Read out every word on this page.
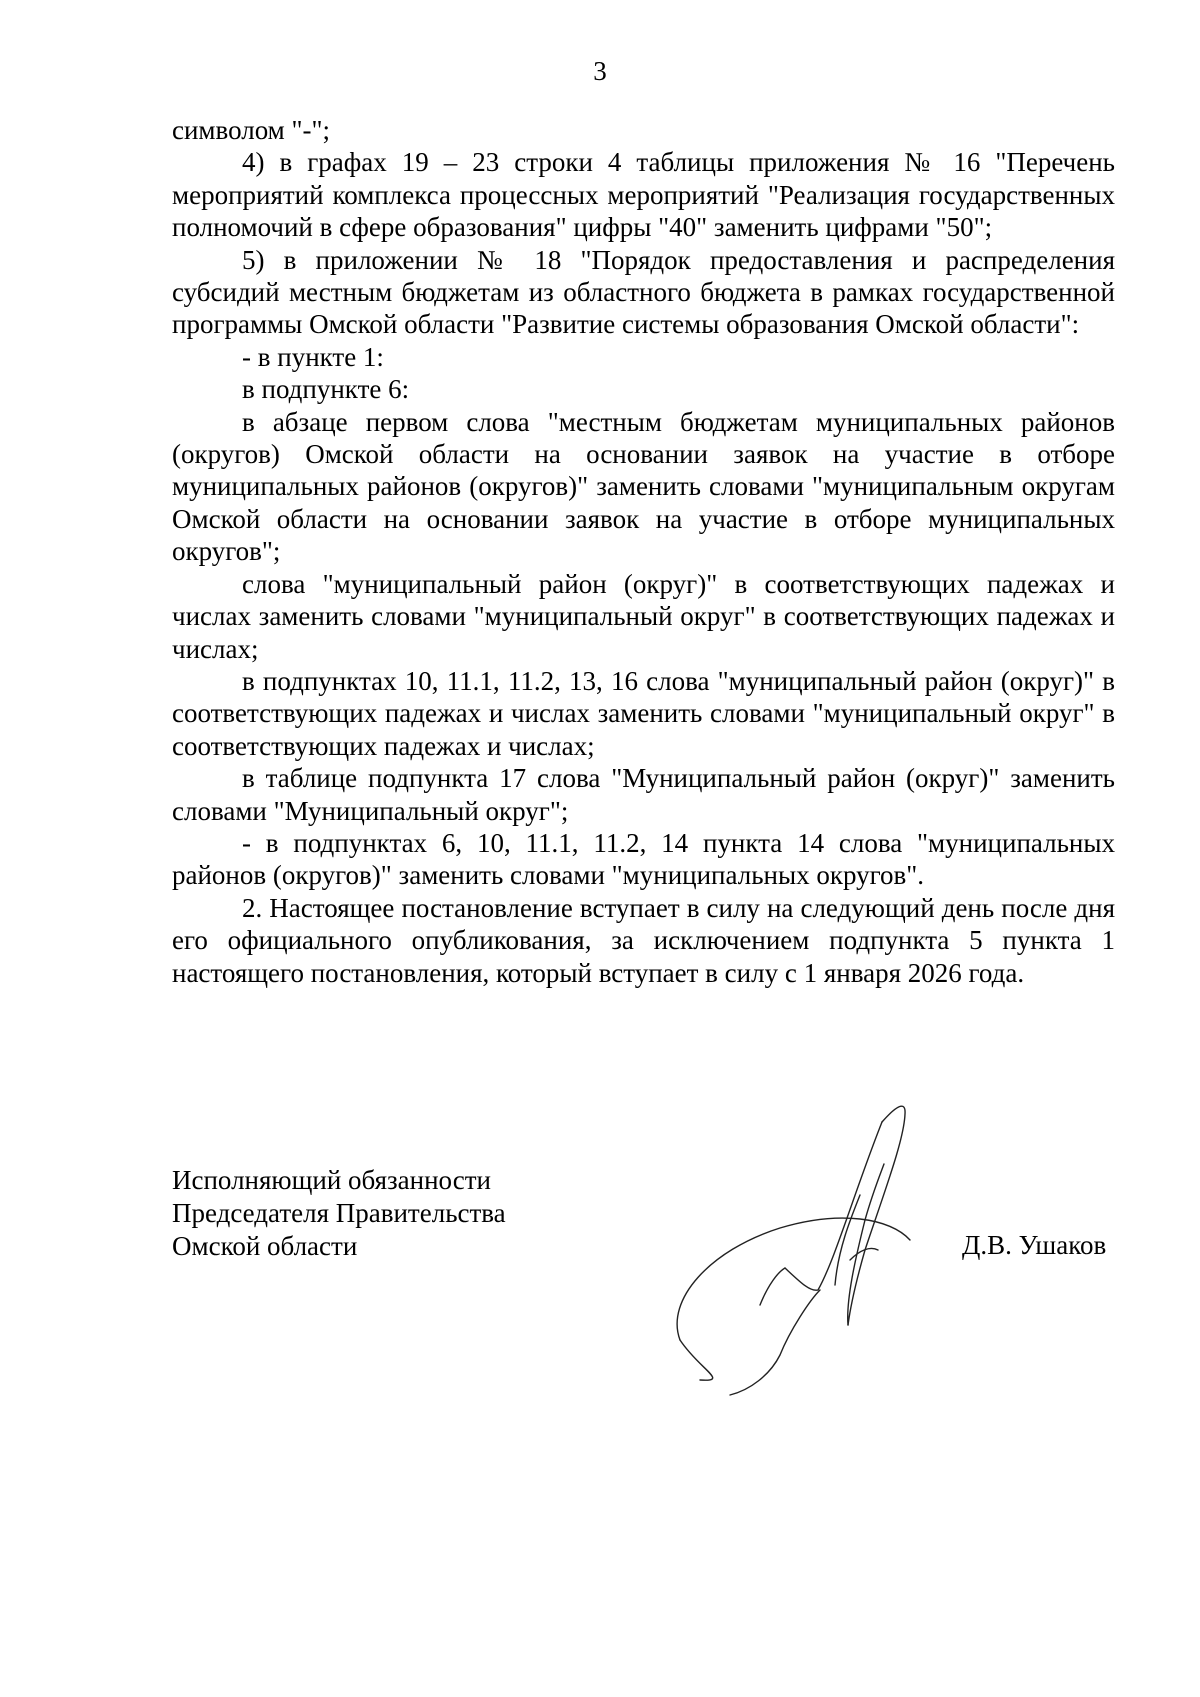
3

символом "-";

4) в графах 19 – 23 строки 4 таблицы приложения № 16 "Перечень мероприятий комплекса процессных мероприятий "Реализация государственных полномочий в сфере образования" цифры "40" заменить цифрами "50";

5) в приложении № 18 "Порядок предоставления и распределения субсидий местным бюджетам из областного бюджета в рамках государственной программы Омской области "Развитие системы образования Омской области":

- в пункте 1:

в подпункте 6:

в абзаце первом слова "местным бюджетам муниципальных районов (округов) Омской области на основании заявок на участие в отборе муниципальных районов (округов)" заменить словами "муниципальным округам Омской области на основании заявок на участие в отборе муниципальных округов";

слова "муниципальный район (округ)" в соответствующих падежах и числах заменить словами "муниципальный округ" в соответствующих падежах и числах;

в подпунктах 10, 11.1, 11.2, 13, 16 слова "муниципальный район (округ)" в соответствующих падежах и числах заменить словами "муниципальный округ" в соответствующих падежах и числах;

в таблице подпункта 17 слова "Муниципальный район (округ)" заменить словами "Муниципальный округ";

- в подпунктах 6, 10, 11.1, 11.2, 14 пункта 14 слова "муниципальных районов (округов)" заменить словами "муниципальных округов".

2. Настоящее постановление вступает в силу на следующий день после дня его официального опубликования, за исключением подпункта 5 пункта 1 настоящего постановления, который вступает в силу с 1 января 2026 года.

Исполняющий обязанности
Председателя Правительства
Омской области	Д.В. Ушаков
